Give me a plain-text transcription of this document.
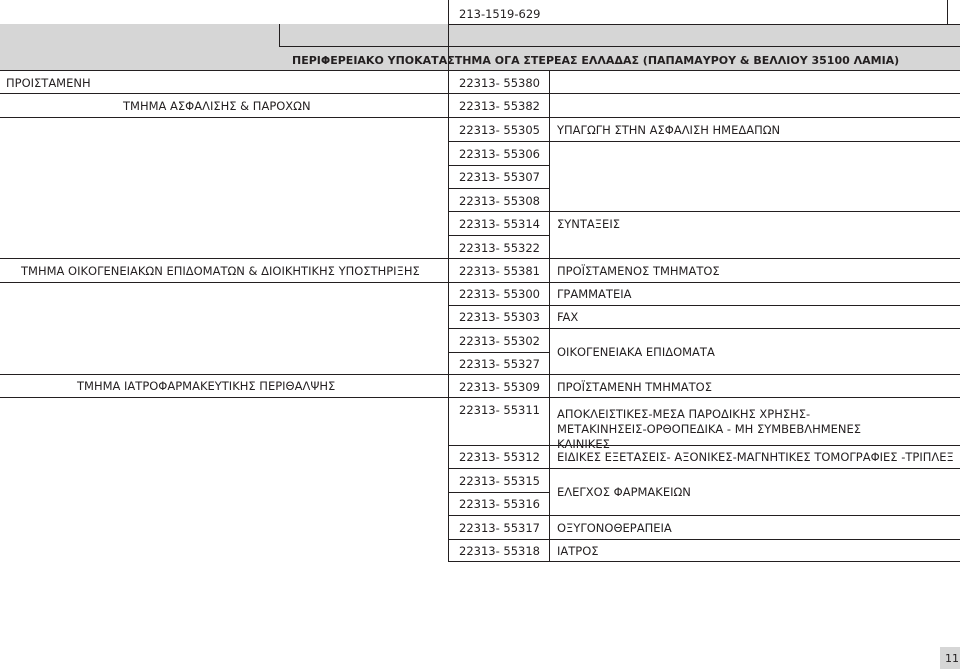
213-1519-629
ΠΕΡΙΦΕΡΕΙΑΚΟ ΥΠΟΚΑΤΑΣΤΗΜΑ ΟΓΑ ΣΤΕΡΕΑΣ ΕΛΛΑΔΑΣ (ΠΑΠΑΜΑΥΡΟΥ & ΒΕΛΛΙΟΥ 35100 ΛΑΜΙΑ)
ΠΡΟΙΣΤΑΜΕΝΗ
ΤΜΗΜΑ ΑΣΦΑΛΙΣΗΣ & ΠΑΡΟΧΩΝ
ΤΜΗΜΑ ΟΙΚΟΓΕΝΕΙΑΚΩΝ ΕΠΙΔΟΜΑΤΩΝ & ΔΙΟΙΚΗΤΙΚΗΣ ΥΠΟΣΤΗΡΙΞΗΣ
ΤΜΗΜΑ ΙΑΤΡΟΦΑΡΜΑΚΕΥΤΙΚΗΣ ΠΕΡΙΘΑΛΨΗΣ
22313- 55380
22313- 55382
22313- 55305
22313- 55306
22313- 55307
22313- 55308
22313- 55314
22313- 55322
22313- 55381
22313- 55300
22313- 55303
22313- 55302
22313- 55327
22313- 55309
22313- 55311
22313- 55312
22313- 55315
22313- 55316
22313- 55317
22313- 55318
ΥΠΑΓΩΓΗ ΣΤΗΝ ΑΣΦΑΛΙΣΗ ΗΜΕΔΑΠΩΝ
ΣΥΝΤΑΞΕΙΣ
ΠΡΟΪΣΤΑΜΕΝΟΣ ΤΜΗΜΑΤΟΣ
ΓΡΑΜΜΑΤΕΙΑ
FAX
ΟΙΚΟΓΕΝΕΙΑΚΑ ΕΠΙΔΟΜΑΤΑ
ΠΡΟΪΣΤΑΜΕΝΗ ΤΜΗΜΑΤΟΣ
ΑΠΟΚΛΕΙΣΤΙΚΕΣ-ΜΕΣΑ ΠΑΡΟΔΙΚΗΣ ΧΡΗΣΗΣ-ΜΕΤΑΚΙΝΗΣΕΙΣ-ΟΡΘΟΠΕΔΙΚΑ - ΜΗ ΣΥΜΒΕΒΛΗΜΕΝΕΣ ΚΛΙΝΙΚΕΣ
ΕΙΔΙΚΕΣ ΕΞΕΤΑΣΕΙΣ- ΑΞΟΝΙΚΕΣ-ΜΑΓΝΗΤΙΚΕΣ ΤΟΜΟΓΡΑΦΙΕΣ -ΤΡΙΠΛΕΞ
ΕΛΕΓΧΟΣ ΦΑΡΜΑΚΕΙΩΝ
ΟΞΥΓΟΝΟΘΕΡΑΠΕΙΑ
ΙΑΤΡΟΣ
11
